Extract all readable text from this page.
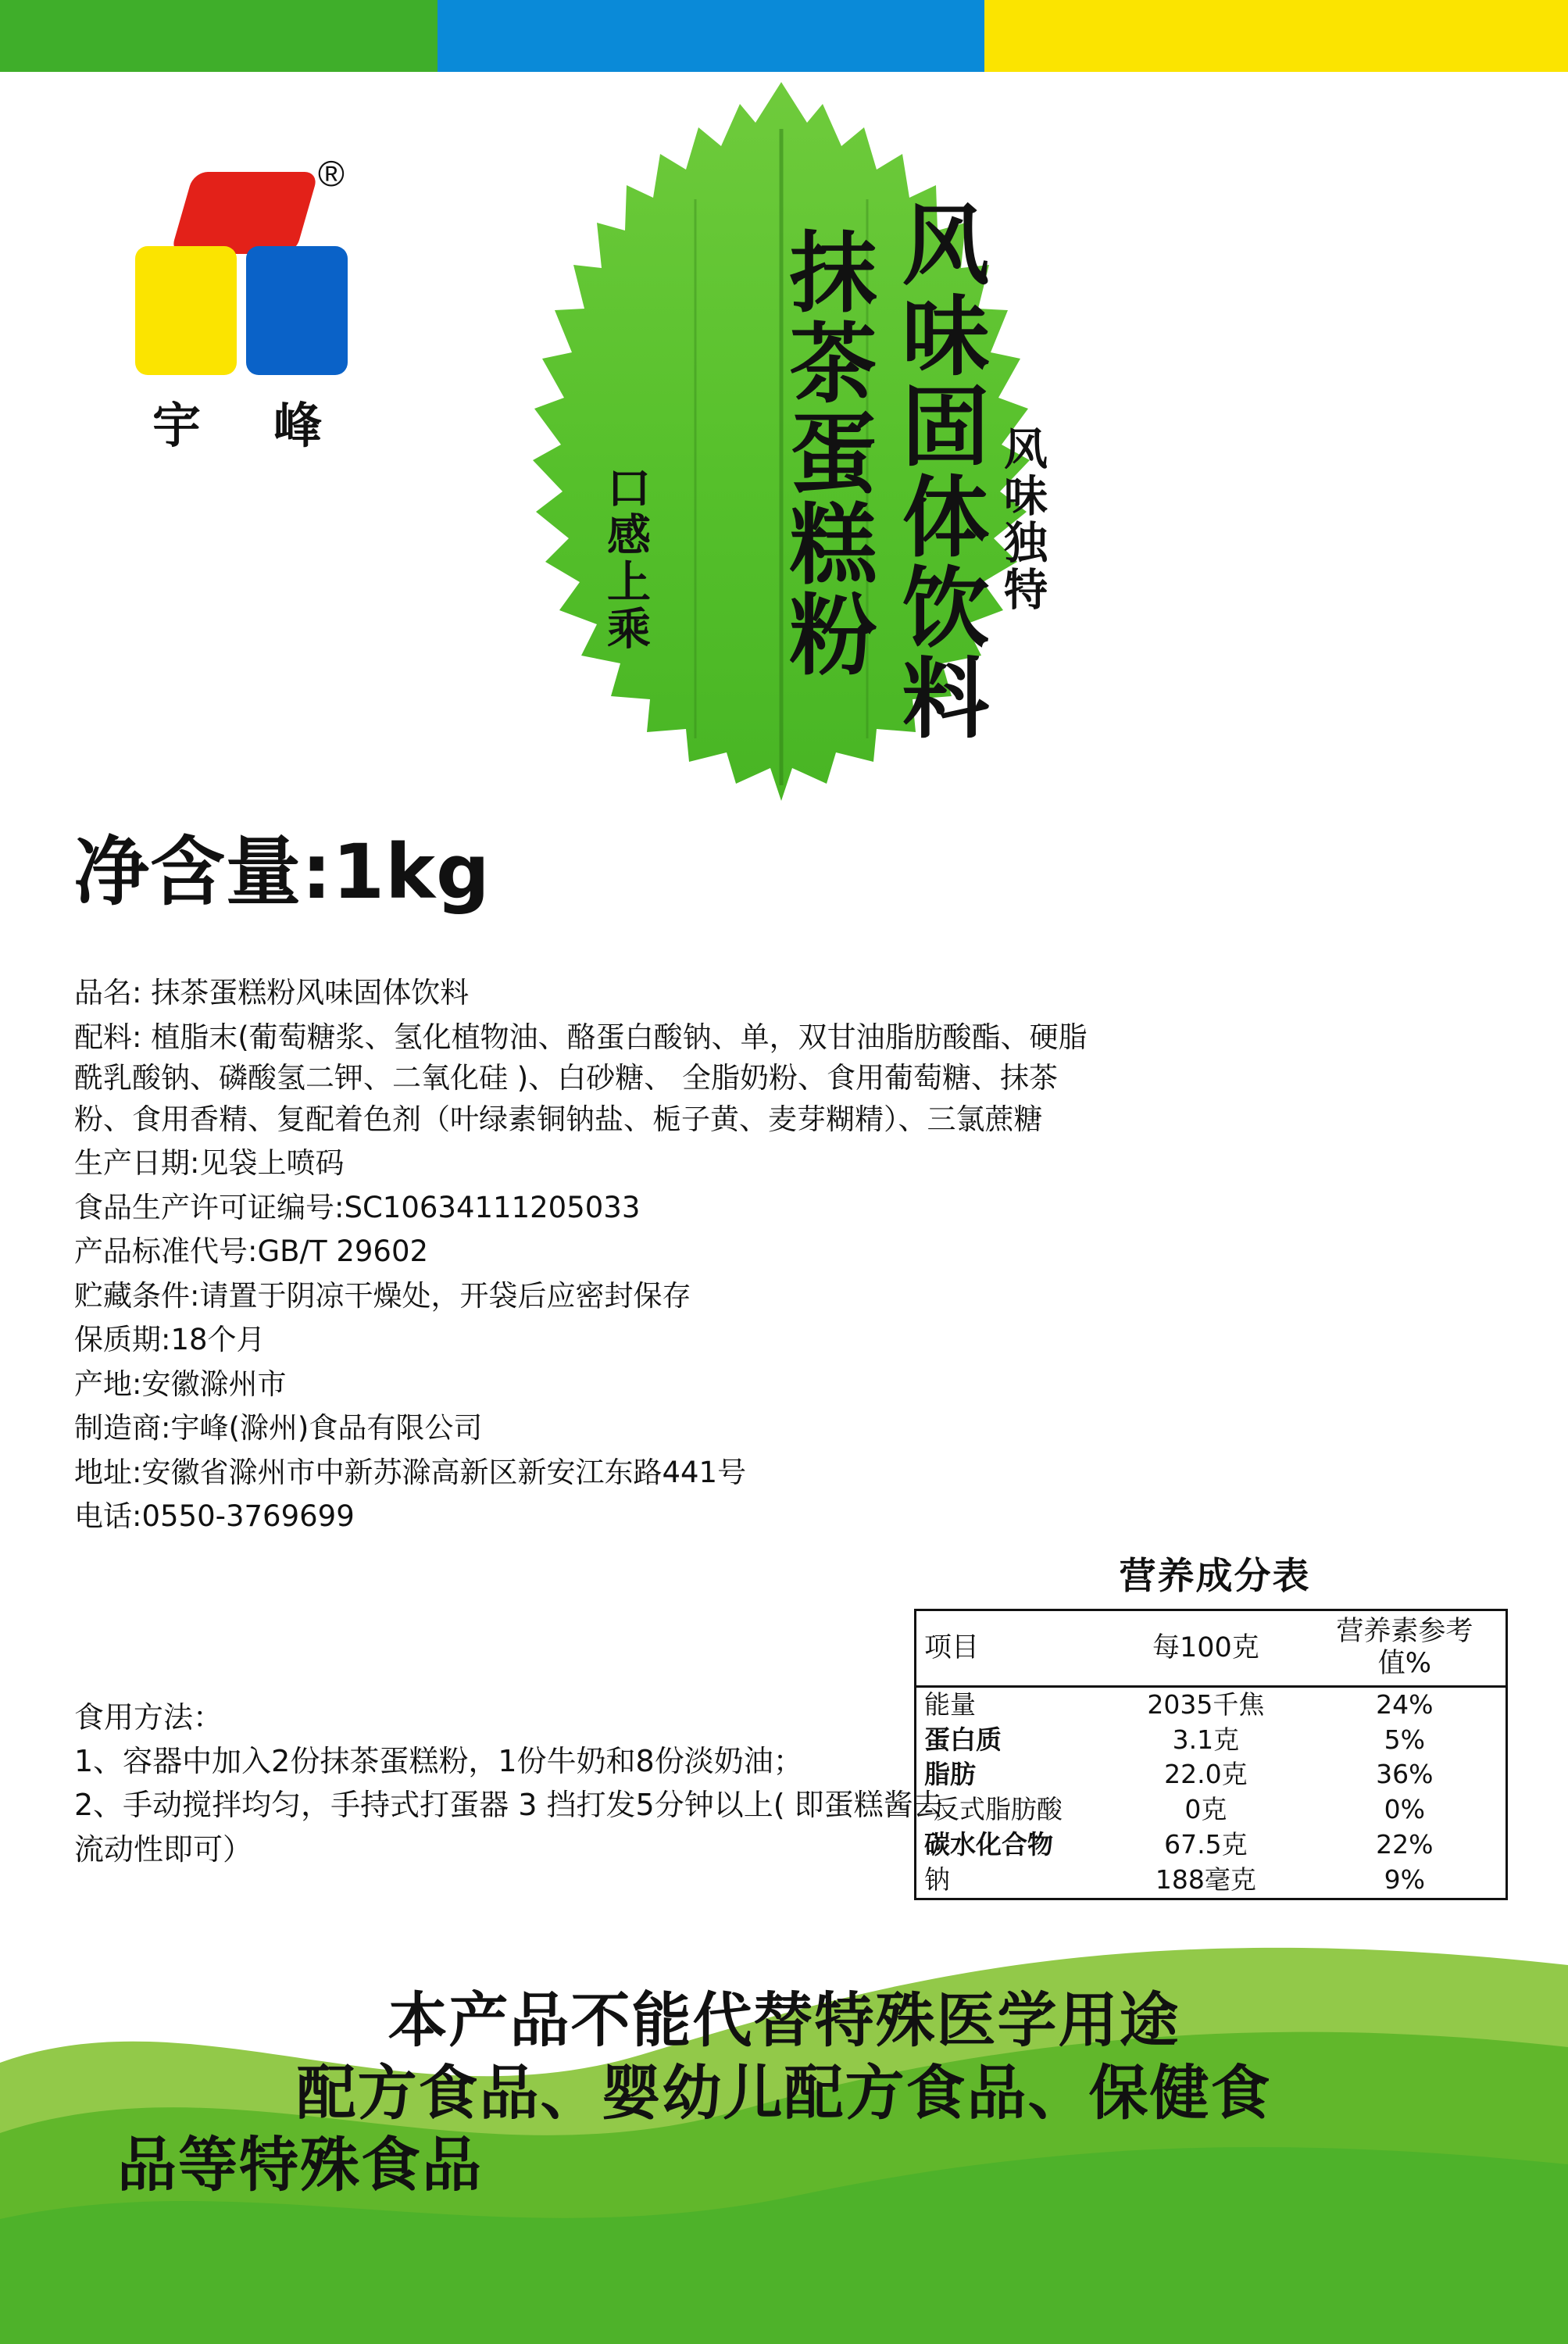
®
宇 峰	风味固体饮料
抹茶蛋糕粉
口感上乘	风味独特
净含量:1kg

品名: 抹茶蛋糕粉风味固体饮料

配料: 植脂末(葡萄糖浆、氢化植物油、酪蛋白酸钠、单，双甘油脂肪酸酯、硬脂酰乳酸钠、磷酸氢二钾、二氧化硅 )、白砂糖、 全脂奶粉、食用葡萄糖、抹茶粉、食用香精、复配着色剂（叶绿素铜钠盐、栀子黄、麦芽糊精）、三氯蔗糖

生产日期:见袋上喷码

食品生产许可证编号:SC10634111205033

产品标准代号:GB/T 29602

贮藏条件:请置于阴凉干燥处，开袋后应密封保存

保质期:18个月

产地:安徽滁州市

制造商:宇峰(滁州)食品有限公司

地址:安徽省滁州市中新苏滁高新区新安江东路441号

电话:0550-3769699

食用方法：

1、容器中加入2份抹茶蛋糕粉，1份牛奶和8份淡奶油；

2、手动搅拌均匀，手持式打蛋器 3 挡打发5分钟以上( 即蛋糕酱去流动性即可）

营养成分表
项目	每100克	营养素参考值%
能量	2035千焦	24%
蛋白质	3.1克	5%
脂肪	22.0克	36%
-反式脂肪酸	0克	0%
碳水化合物	67.5克	22%
钠	188毫克	9%
本产品不能代替特殊医学用途
配方食品、婴幼儿配方食品、保健食
品等特殊食品
